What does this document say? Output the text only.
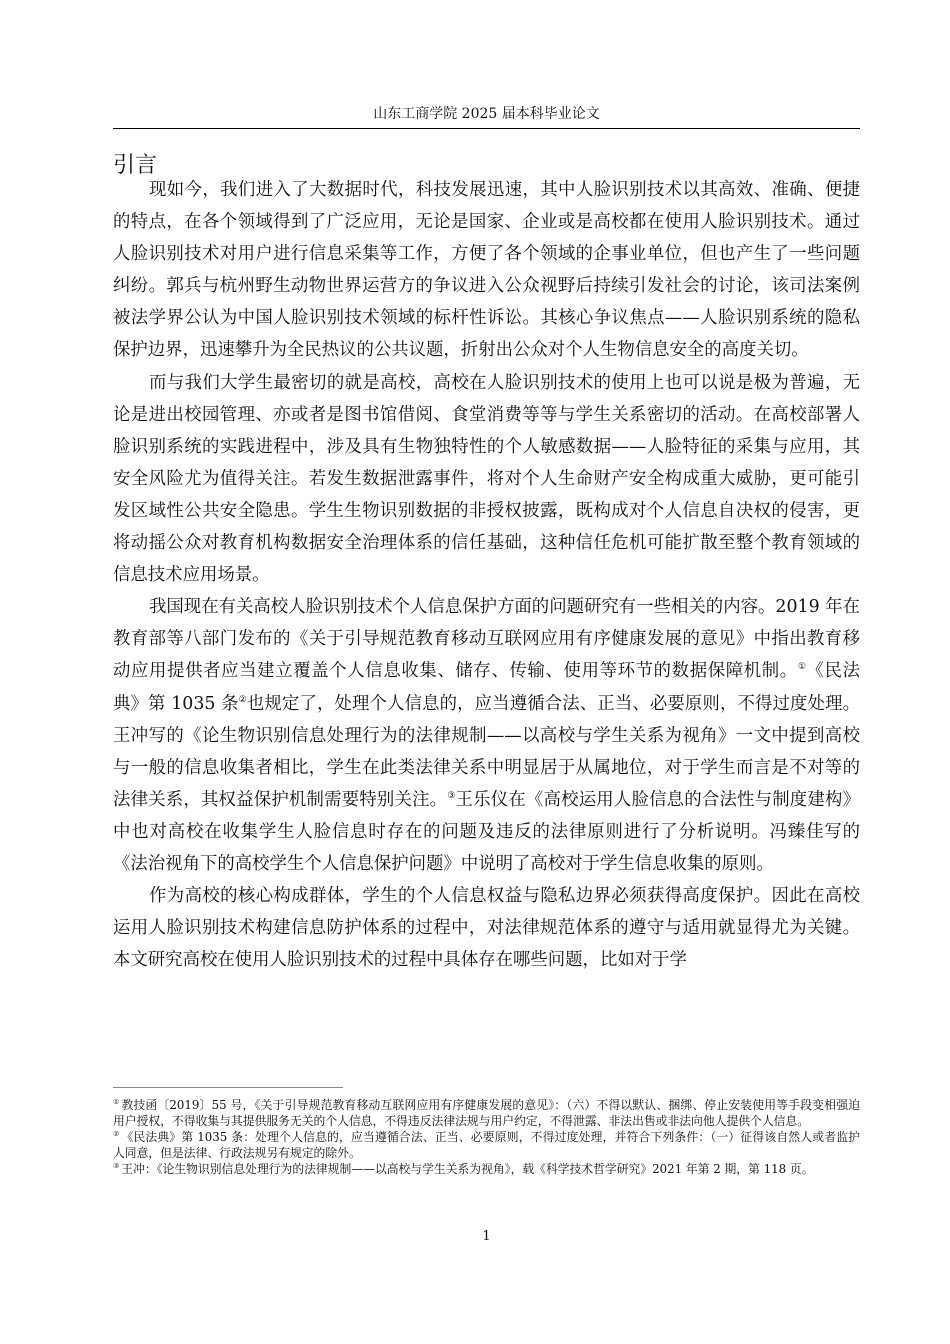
山东工商学院 2025 届本科毕业论文
引言

现如今，我们进入了大数据时代，科技发展迅速，其中人脸识别技术以其高效、准确、便捷的特点，在各个领域得到了广泛应用，无论是国家、企业或是高校都在使用人脸识别技术。通过人脸识别技术对用户进行信息采集等工作，方便了各个领域的企事业单位，但也产生了一些问题纠纷。郭兵与杭州野生动物世界运营方的争议进入公众视野后持续引发社会的讨论，该司法案例被法学界公认为中国人脸识别技术领域的标杆性诉讼。其核心争议焦点——人脸识别系统的隐私保护边界，迅速攀升为全民热议的公共议题，折射出公众对个人生物信息安全的高度关切。

而与我们大学生最密切的就是高校，高校在人脸识别技术的使用上也可以说是极为普遍，无论是进出校园管理、亦或者是图书馆借阅、食堂消费等等与学生关系密切的活动。在高校部署人脸识别系统的实践进程中，涉及具有生物独特性的个人敏感数据——人脸特征的采集与应用，其安全风险尤为值得关注。若发生数据泄露事件，将对个人生命财产安全构成重大威胁，更可能引发区域性公共安全隐患。学生生物识别数据的非授权披露，既构成对个人信息自决权的侵害，更将动摇公众对教育机构数据安全治理体系的信任基础，这种信任危机可能扩散至整个教育领域的信息技术应用场景。

我国现在有关高校人脸识别技术个人信息保护方面的问题研究有一些相关的内容。2019 年在教育部等八部门发布的《关于引导规范教育移动互联网应用有序健康发展的意见》中指出教育移动应用提供者应当建立覆盖个人信息收集、储存、传输、使用等环节的数据保障机制。①《民法典》第 1035 条②也规定了，处理个人信息的，应当遵循合法、正当、必要原则，不得过度处理。王冲写的《论生物识别信息处理行为的法律规制——以高校与学生关系为视角》一文中提到高校与一般的信息收集者相比，学生在此类法律关系中明显居于从属地位，对于学生而言是不对等的法律关系，其权益保护机制需要特别关注。③王乐仪在《高校运用人脸信息的合法性与制度建构》中也对高校在收集学生人脸信息时存在的问题及违反的法律原则进行了分析说明。冯臻佳写的《法治视角下的高校学生个人信息保护问题》中说明了高校对于学生信息收集的原则。

作为高校的核心构成群体，学生的个人信息权益与隐私边界必须获得高度保护。因此在高校运用人脸识别技术构建信息防护体系的过程中，对法律规范体系的遵守与适用就显得尤为关键。本文研究高校在使用人脸识别技术的过程中具体存在哪些问题，比如对于学

① 教技函〔2019〕55 号，《关于引导规范教育移动互联网应用有序健康发展的意见》：（六）不得以默认、捆绑、停止安装使用等手段变相强迫用户授权，不得收集与其提供服务无关的个人信息，不得违反法律法规与用户约定，不得泄露、非法出售或非法向他人提供个人信息。

② 《民法典》第 1035 条：处理个人信息的，应当遵循合法、正当、必要原则，不得过度处理，并符合下列条件：（一）征得该自然人或者监护人同意，但是法律、行政法规另有规定的除外。

③ 王冲：《论生物识别信息处理行为的法律规制——以高校与学生关系为视角》，载《科学技术哲学研究》2021 年第 2 期，第 118 页。

1
